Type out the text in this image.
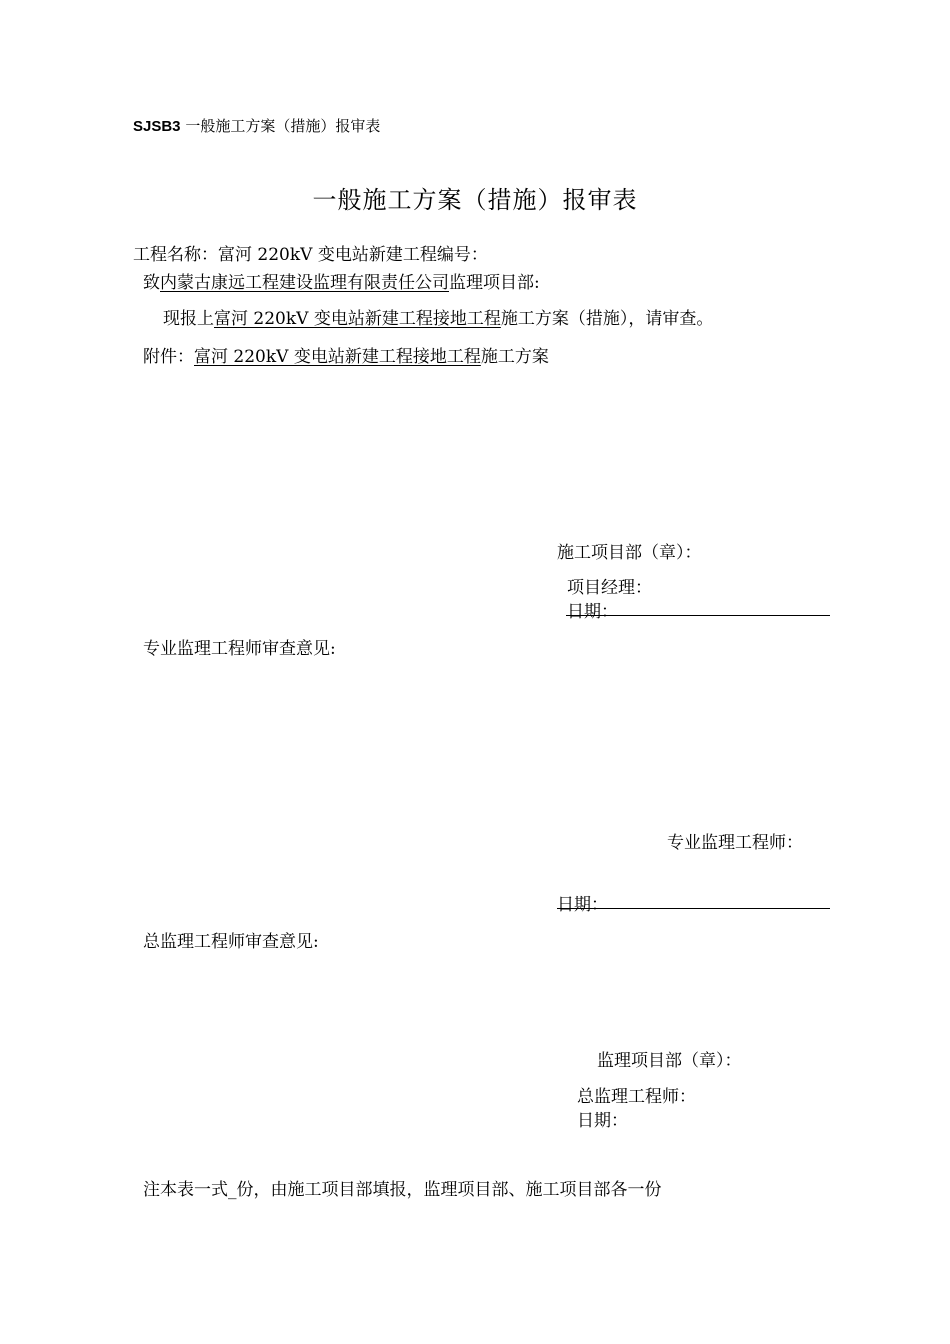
SJSB3 一般施工方案（措施）报审表
一般施工方案（措施）报审表
工程名称：富河 220kV 变电站新建工程编号：
致内蒙古康远工程建设监理有限责任公司监理项目部:
现报上富河 220kV 变电站新建工程接地工程施工方案（措施），请审查。
附件：富河 220kV 变电站新建工程接地工程施工方案
施工项目部（章）：
项目经理：
日期：
专业监理工程师审查意见:
专业监理工程师：
日期：
总监理工程师审查意见:
监理项目部（章）：
总监理工程师：
日期：
注本表一式_份，由施工项目部填报，监理项目部、施工项目部各一份
